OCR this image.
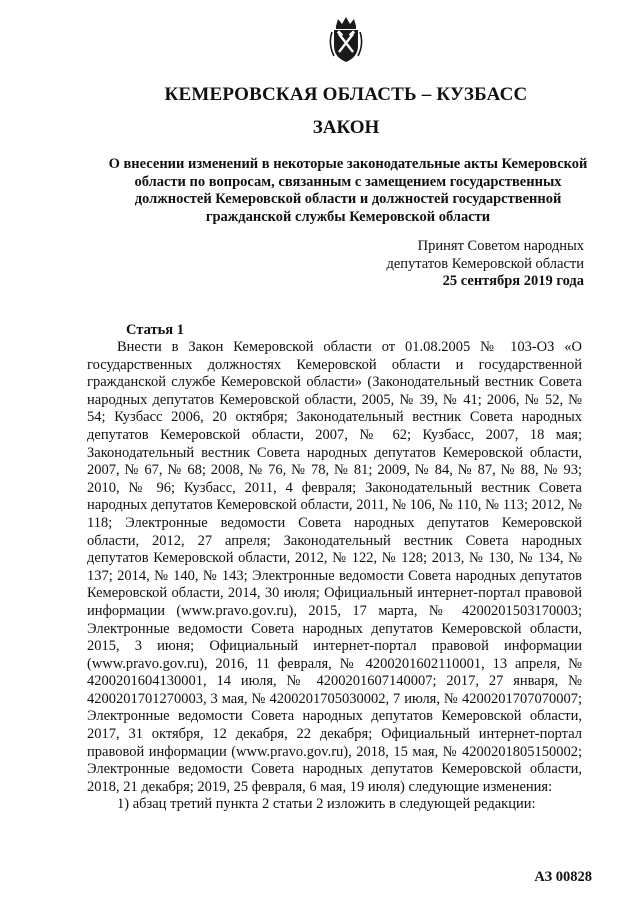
КЕМЕРОВСКАЯ ОБЛАСТЬ – КУЗБАСС
ЗАКОН
О внесении изменений в некоторые законодательные акты Кемеровской области по вопросам, связанным с замещением государственных должностей Кемеровской области и должностей государственной гражданской службы Кемеровской области
Принят Советом народных
депутатов Кемеровской области
25 сентября 2019 года
Статья 1

Внести в Закон Кемеровской области от 01.08.2005 № 103-ОЗ «О государственных должностях Кемеровской области и государственной гражданской службе Кемеровской области» (Законодательный вестник Совета народных депутатов Кемеровской области, 2005, № 39, № 41; 2006, № 52, № 54; Кузбасс 2006, 20 октября; Законодательный вестник Совета народных депутатов Кемеровской области, 2007, № 62; Кузбасс, 2007, 18 мая; Законодательный вестник Совета народных депутатов Кемеровской области, 2007, № 67, № 68; 2008, № 76, № 78, № 81; 2009, № 84, № 87, № 88, № 93; 2010, № 96; Кузбасс, 2011, 4 февраля; Законодательный вестник Совета народных депутатов Кемеровской области, 2011, № 106, № 110, № 113; 2012, № 118; Электронные ведомости Совета народных депутатов Кемеровской области, 2012, 27 апреля; Законодательный вестник Совета народных депутатов Кемеровской области, 2012, № 122, № 128; 2013, № 130, № 134, № 137; 2014, № 140, № 143; Электронные ведомости Совета народных депутатов Кемеровской области, 2014, 30 июля; Официальный интернет-портал правовой информации (www.pravo.gov.ru), 2015, 17 марта, № 4200201503170003; Электронные ведомости Совета народных депутатов Кемеровской области, 2015, 3 июня; Официальный интернет-портал правовой информации (www.pravo.gov.ru), 2016, 11 февраля, № 4200201602110001, 13 апреля, № 4200201604130001, 14 июля, № 4200201607140007; 2017, 27 января, № 4200201701270003, 3 мая, № 4200201705030002, 7 июля, № 4200201707070007; Электронные ведомости Совета народных депутатов Кемеровской области, 2017, 31 октября, 12 декабря, 22 декабря; Официальный интернет-портал правовой информации (www.pravo.gov.ru), 2018, 15 мая, № 4200201805150002; Электронные ведомости Совета народных депутатов Кемеровской области, 2018, 21 декабря; 2019, 25 февраля, 6 мая, 19 июля) следующие изменения:

1) абзац третий пункта 2 статьи 2 изложить в следующей редакции:

АЗ 00828
